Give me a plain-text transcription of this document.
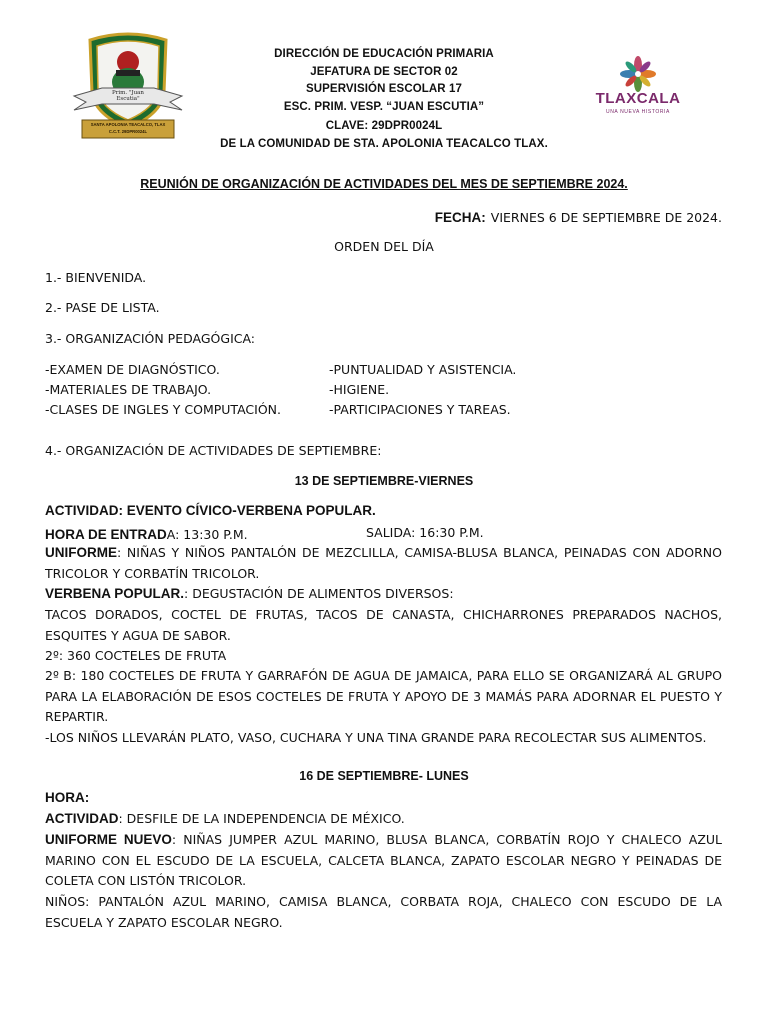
Prim. "Juan Escutia"
SANTA APOLONIA TEACALCO, TLAX
C.C.T. 29DPR0024L
DIRECCIÓN DE EDUCACIÓN PRIMARIA
JEFATURA DE SECTOR 02
SUPERVISIÓN ESCOLAR 17
ESC. PRIM. VESP. “JUAN ESCUTIA”
CLAVE: 29DPR0024L
DE LA COMUNIDAD DE STA. APOLONIA TEACALCO TLAX.
TLAXCALA
UNA NUEVA HISTORIA
REUNIÓN DE ORGANIZACIÓN DE ACTIVIDADES DEL MES DE SEPTIEMBRE 2024.
FECHA: VIERNES 6 DE SEPTIEMBRE DE 2024.
ORDEN DEL DÍA
1.- BIENVENIDA.
2.- PASE DE LISTA.
3.- ORGANIZACIÓN PEDAGÓGICA:
-EXAMEN DE DIAGNÓSTICO.
-MATERIALES DE TRABAJO.
-CLASES DE INGLES Y COMPUTACIÓN.
-PUNTUALIDAD Y ASISTENCIA.
-HIGIENE.
-PARTICIPACIONES Y TAREAS.
4.- ORGANIZACIÓN DE ACTIVIDADES DE SEPTIEMBRE:
13 DE SEPTIEMBRE-VIERNES
ACTIVIDAD: EVENTO CÍVICO-VERBENA POPULAR.
HORA DE ENTRADA: 13:30 P.M.	SALIDA: 16:30 P.M.
UNIFORME: NIÑAS Y NIÑOS PANTALÓN DE MEZCLILLA, CAMISA-BLUSA BLANCA, PEINADAS CON ADORNO TRICOLOR Y CORBATÍN TRICOLOR.
VERBENA POPULAR.: DEGUSTACIÓN DE ALIMENTOS DIVERSOS:
TACOS DORADOS, COCTEL DE FRUTAS, TACOS DE CANASTA, CHICHARRONES PREPARADOS NACHOS, ESQUITES Y AGUA DE SABOR.
2º: 360 COCTELES DE FRUTA
2º B: 180 COCTELES DE FRUTA Y GARRAFÓN DE AGUA DE JAMAICA, PARA ELLO SE ORGANIZARÁ AL GRUPO PARA LA ELABORACIÓN DE ESOS COCTELES DE FRUTA Y APOYO DE 3 MAMÁS PARA ADORNAR EL PUESTO Y REPARTIR.
-LOS NIÑOS LLEVARÁN PLATO, VASO, CUCHARA Y UNA TINA GRANDE PARA RECOLECTAR SUS ALIMENTOS.
16 DE SEPTIEMBRE- LUNES
HORA:
ACTIVIDAD: DESFILE DE LA INDEPENDENCIA DE MÉXICO.
UNIFORME NUEVO: NIÑAS JUMPER AZUL MARINO, BLUSA BLANCA, CORBATÍN ROJO Y CHALECO AZUL MARINO CON EL ESCUDO DE LA ESCUELA, CALCETA BLANCA, ZAPATO ESCOLAR NEGRO Y PEINADAS DE COLETA CON LISTÓN TRICOLOR.
NIÑOS: PANTALÓN AZUL MARINO, CAMISA BLANCA, CORBATA ROJA, CHALECO CON ESCUDO DE LA ESCUELA Y ZAPATO ESCOLAR NEGRO.
